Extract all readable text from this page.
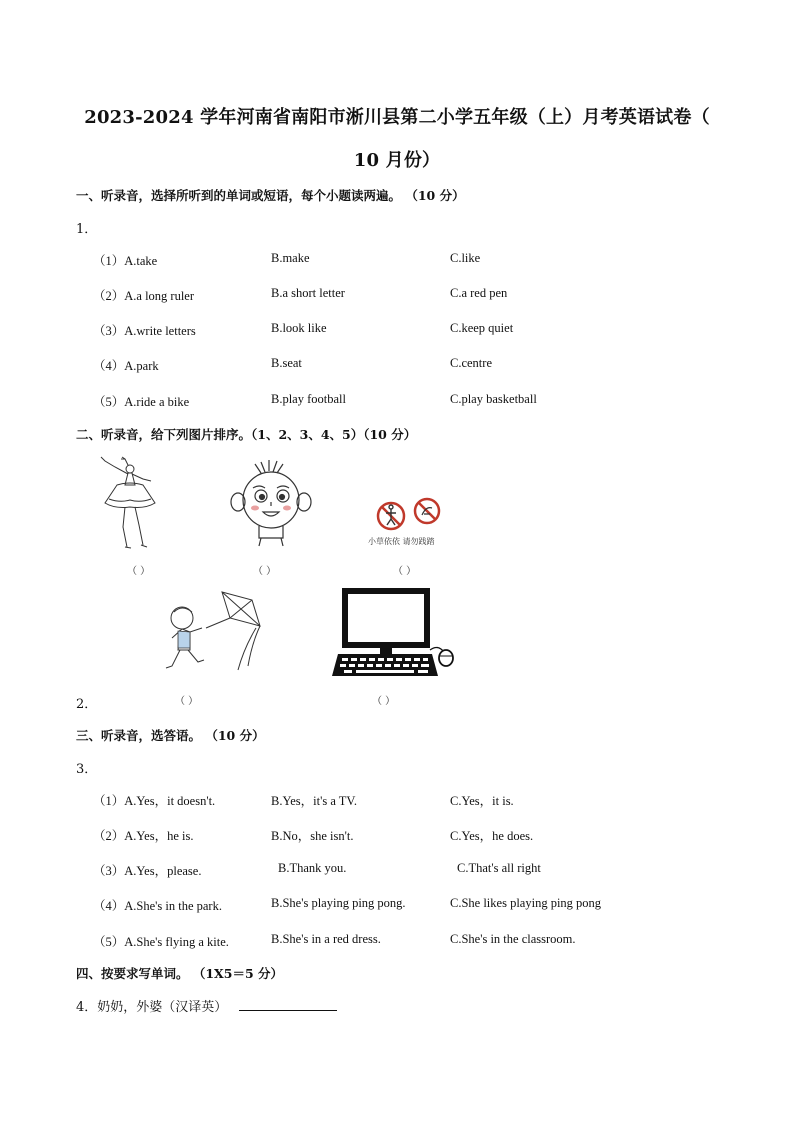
2023-2024 学年河南省南阳市淅川县第二小学五年级（上）月考英语试卷（
10 月份）
一、听录音，选择所听到的单词或短语，每个小题读两遍。 （10 分）
1．
（1）A.take	B.make	C.like
（2）A.a long ruler	B.a short letter	C.a red pen
（3）A.write letters	B.look like	C.keep quiet
（4）A.park	B.seat	C.centre
（5）A.ride a bike	B.play football	C.play basketball
二、听录音，给下列图片排序。（1、2、3、4、5）（10 分）
小草依依 请勿践踏
（ ）	（ ）	（ ）
2．	（ ）	（ ）
三、听录音，选答语。 （10 分）
3．
（1）A.Yes，it doesn't.	B.Yes，it's a TV.	C.Yes，it is.
（2）A.Yes，he is.	B.No，she isn't.	C.Yes，he does.
（3）A.Yes，please.	B.Thank you.	C.That's all right
（4）A.She's in the park.	B.She's playing ping pong.	C.She likes playing ping pong
（5）A.She's flying a kite.	B.She's in a red dress.	C.She's in the classroom.
四、按要求写单词。 （1X5＝5 分）
4．奶奶，外婆（汉译英）
